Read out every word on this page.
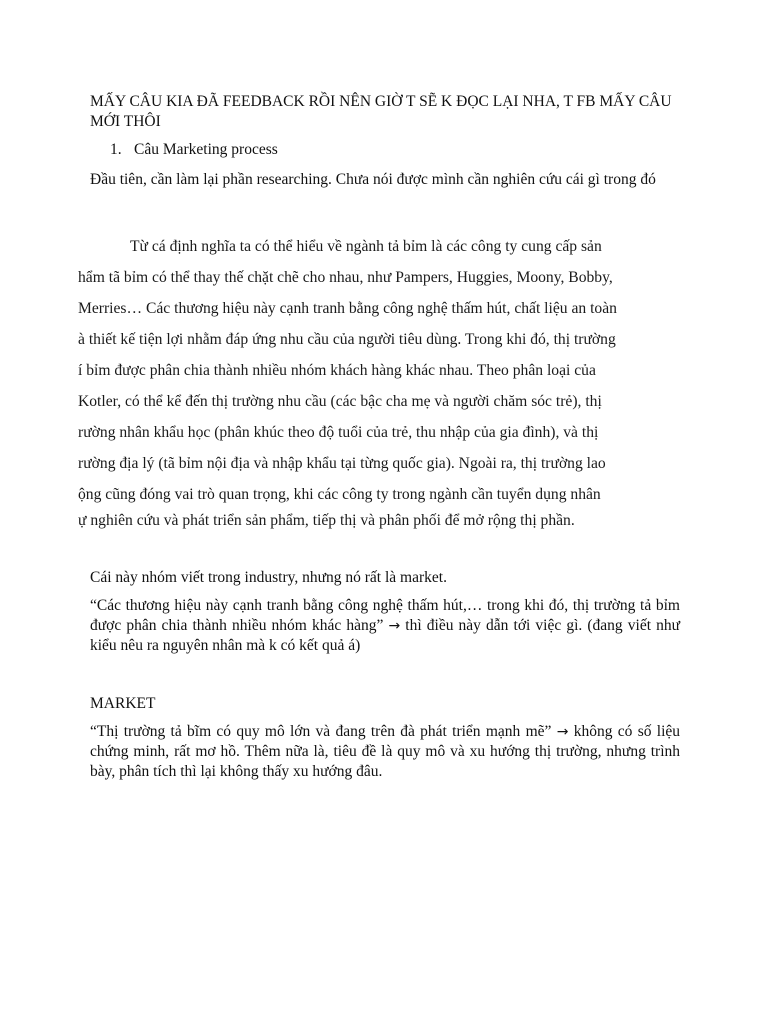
MẤY CÂU KIA ĐÃ FEEDBACK RỒI NÊN GIỜ T SẼ K ĐỌC LẠI NHA, T FB MẤY CÂU MỚI THÔI

1. Câu Marketing process

Đầu tiên, cần làm lại phần researching. Chưa nói được mình cần nghiên cứu cái gì trong đó

Từ cá định nghĩa ta có thể hiểu về ngành tả bỉm là các công ty cung cấp sản
hẩm tã bỉm có thể thay thế chặt chẽ cho nhau, như Pampers, Huggies, Moony, Bobby,
Merries… Các thương hiệu này cạnh tranh bằng công nghệ thấm hút, chất liệu an toàn
à thiết kế tiện lợi nhằm đáp ứng nhu cầu của người tiêu dùng. Trong khi đó, thị trường
í bỉm được phân chia thành nhiều nhóm khách hàng khác nhau. Theo phân loại của
Kotler, có thể kể đến thị trường nhu cầu (các bậc cha mẹ và người chăm sóc trẻ), thị
rường nhân khẩu học (phân khúc theo độ tuổi của trẻ, thu nhập của gia đình), và thị
rường địa lý (tã bỉm nội địa và nhập khẩu tại từng quốc gia). Ngoài ra, thị trường lao
ộng cũng đóng vai trò quan trọng, khi các công ty trong ngành cần tuyển dụng nhân
ự nghiên cứu và phát triển sản phẩm, tiếp thị và phân phối để mở rộng thị phần.

Cái này nhóm viết trong industry, nhưng nó rất là market.

“Các thương hiệu này cạnh tranh bằng công nghệ thấm hút,… trong khi đó, thị trường tả bỉm được phân chia thành nhiều nhóm khác hàng” → thì điều này dẫn tới việc gì. (đang viết như kiểu nêu ra nguyên nhân mà k có kết quả á)

MARKET

“Thị trường tả bĩm có quy mô lớn và đang trên đà phát triển mạnh mẽ” → không có số liệu chứng minh, rất mơ hồ. Thêm nữa là, tiêu đề là quy mô và xu hướng thị trường, nhưng trình bày, phân tích thì lại không thấy xu hướng đâu.
